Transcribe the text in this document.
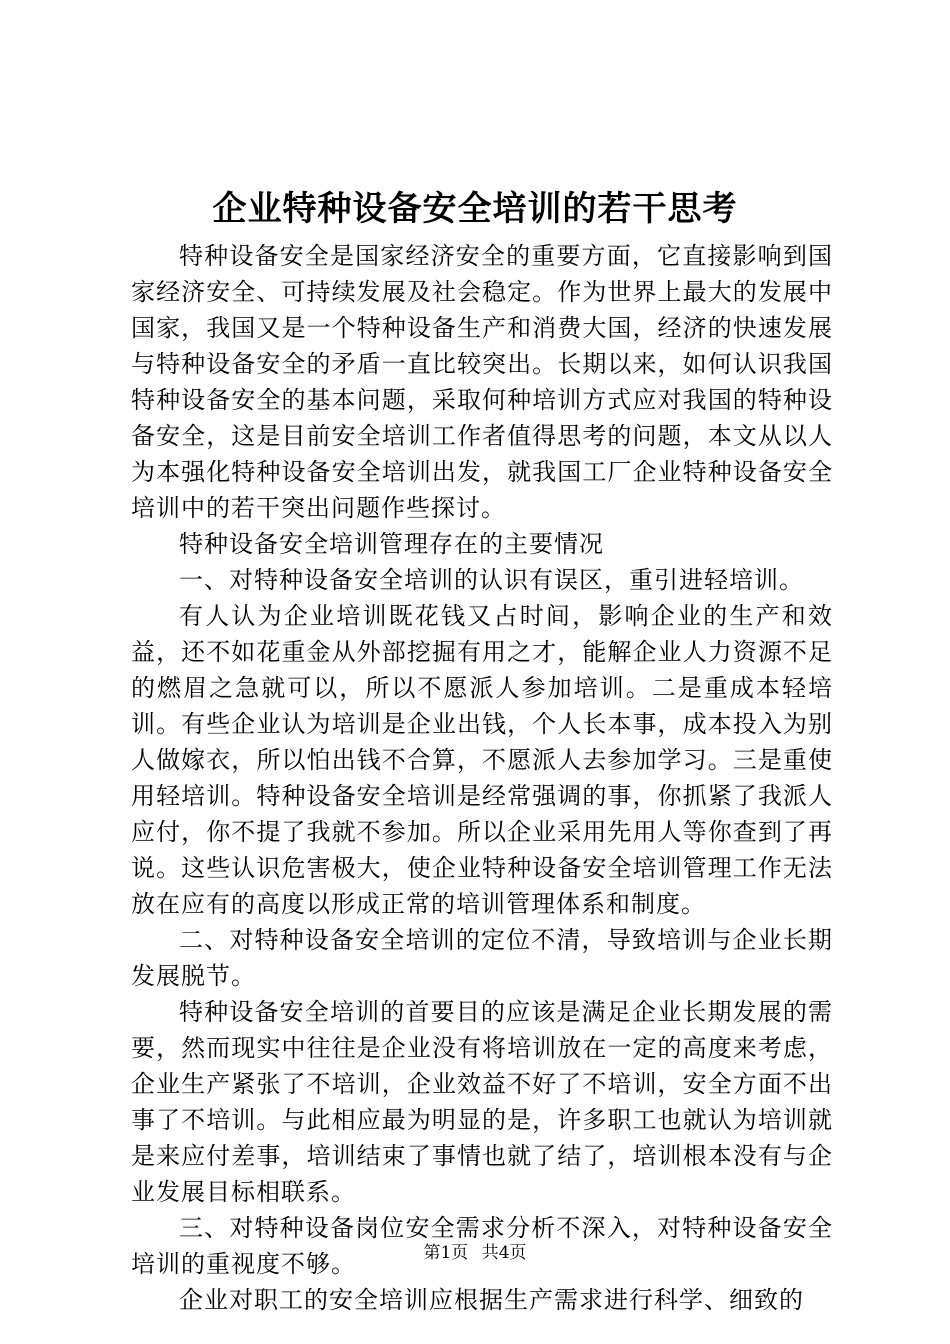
企业特种设备安全培训的若干思考

特种设备安全是国家经济安全的重要方面，它直接影响到国家经济安全、可持续发展及社会稳定。作为世界上最大的发展中国家，我国又是一个特种设备生产和消费大国，经济的快速发展与特种设备安全的矛盾一直比较突出。长期以来，如何认识我国特种设备安全的基本问题，采取何种培训方式应对我国的特种设备安全，这是目前安全培训工作者值得思考的问题，本文从以人为本强化特种设备安全培训出发，就我国工厂企业特种设备安全培训中的若干突出问题作些探讨。

特种设备安全培训管理存在的主要情况

一、对特种设备安全培训的认识有误区，重引进轻培训。

有人认为企业培训既花钱又占时间，影响企业的生产和效益，还不如花重金从外部挖掘有用之才，能解企业人力资源不足的燃眉之急就可以，所以不愿派人参加培训。二是重成本轻培训。有些企业认为培训是企业出钱，个人长本事，成本投入为别人做嫁衣，所以怕出钱不合算，不愿派人去参加学习。三是重使用轻培训。特种设备安全培训是经常强调的事，你抓紧了我派人应付，你不提了我就不参加。所以企业采用先用人等你查到了再说。这些认识危害极大，使企业特种设备安全培训管理工作无法放在应有的高度以形成正常的培训管理体系和制度。

二、对特种设备安全培训的定位不清，导致培训与企业长期发展脱节。

特种设备安全培训的首要目的应该是满足企业长期发展的需要，然而现实中往往是企业没有将培训放在一定的高度来考虑，企业生产紧张了不培训，企业效益不好了不培训，安全方面不出事了不培训。与此相应最为明显的是，许多职工也就认为培训就是来应付差事，培训结束了事情也就了结了，培训根本没有与企业发展目标相联系。

三、对特种设备岗位安全需求分析不深入，对特种设备安全培训的重视度不够。

企业对职工的安全培训应根据生产需求进行科学、细致的

第1页 共4页
